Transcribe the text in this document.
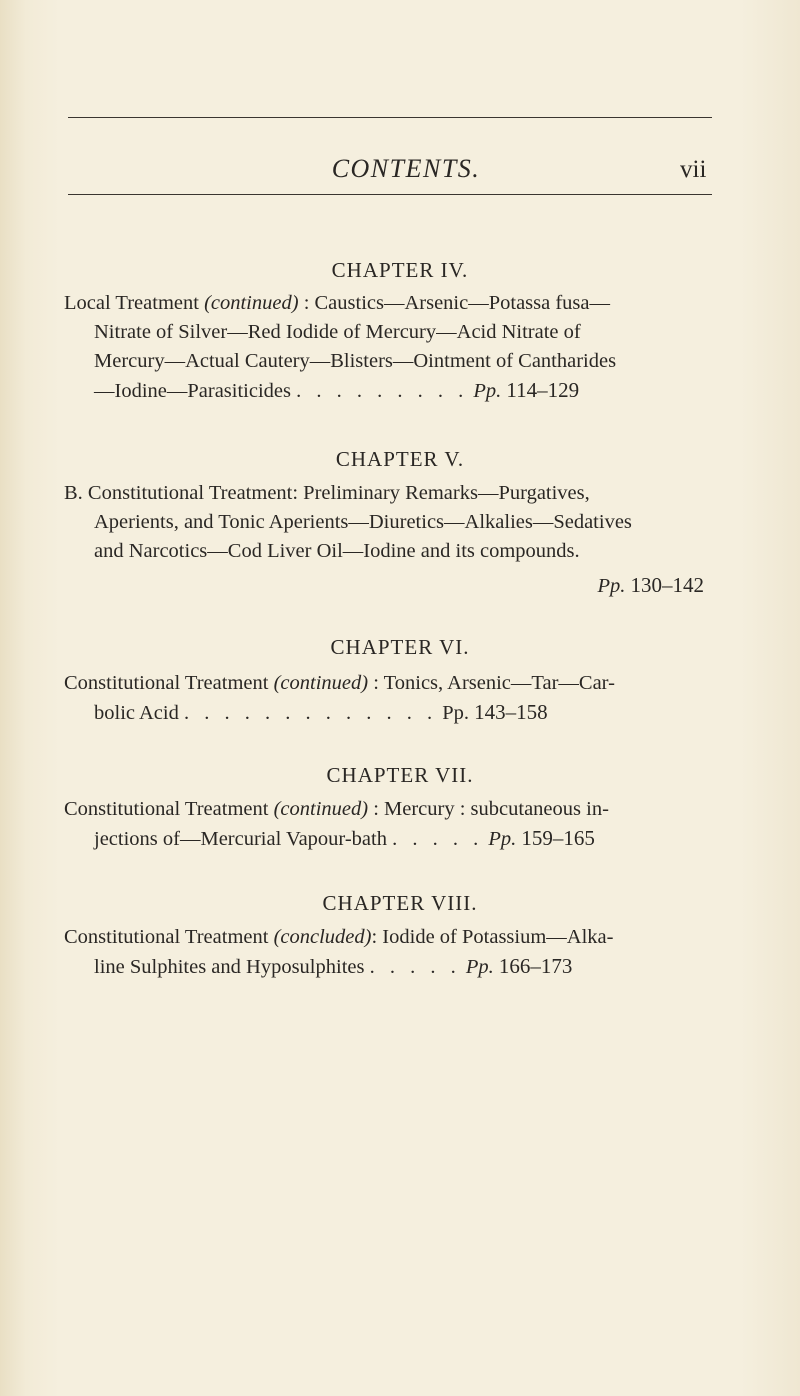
CONTENTS.	vii
CHAPTER IV.
Local Treatment (continued) : Caustics—Arsenic—Potassa fusa—
Nitrate of Silver—Red Iodide of Mercury—Acid Nitrate of
Mercury—Actual Cautery—Blisters—Ointment of Cantharides
—Iodine—Parasiticides . . . . . . . . . Pp. 114–129
CHAPTER V.
B. Constitutional Treatment: Preliminary Remarks—Purgatives,
Aperients, and Tonic Aperients—Diuretics—Alkalies—Sedatives
and Narcotics—Cod Liver Oil—Iodine and its compounds.
Pp. 130–142
CHAPTER VI.
Constitutional Treatment (continued) : Tonics, Arsenic—Tar—Car-
bolic Acid . . . . . . . . . . . . . Pp. 143–158
CHAPTER VII.
Constitutional Treatment (continued) : Mercury : subcutaneous in-
jections of—Mercurial Vapour-bath . . . . . Pp. 159–165
CHAPTER VIII.
Constitutional Treatment (concluded): Iodide of Potassium—Alka-
line Sulphites and Hyposulphites . . . . . Pp. 166–173
